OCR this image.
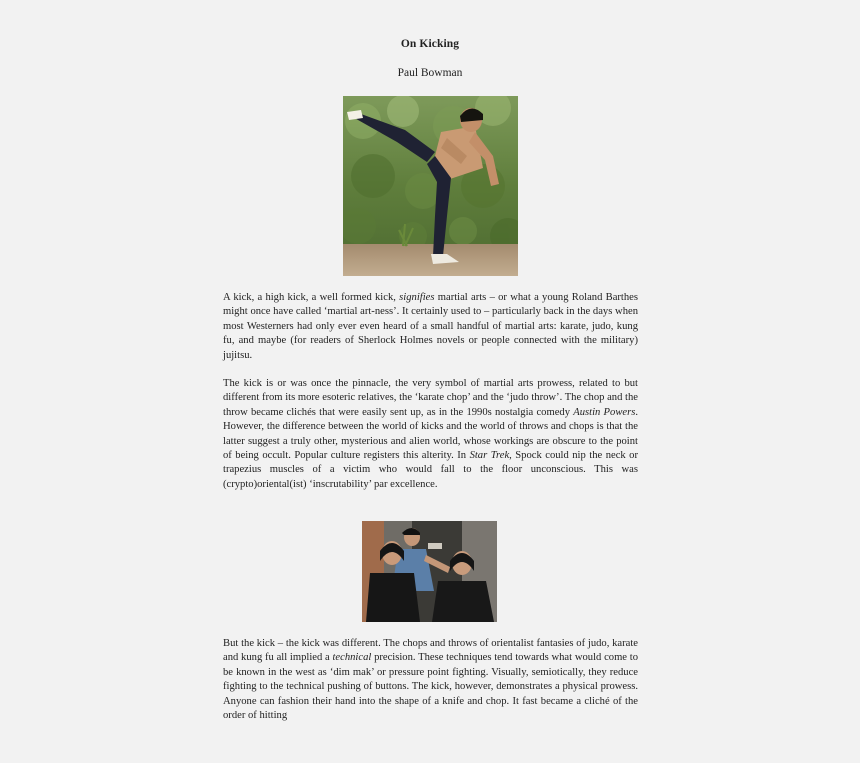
On Kicking
Paul Bowman

A kick, a high kick, a well formed kick, signifies martial arts – or what a young Roland Barthes might once have called ‘martial art-ness’. It certainly used to – particularly back in the days when most Westerners had only ever even heard of a small handful of martial arts: karate, judo, kung fu, and maybe (for readers of Sherlock Holmes novels or people connected with the military) jujitsu.

The kick is or was once the pinnacle, the very symbol of martial arts prowess, related to but different from its more esoteric relatives, the ‘karate chop’ and the ‘judo throw’. The chop and the throw became clichés that were easily sent up, as in the 1990s nostalgia comedy Austin Powers. However, the difference between the world of kicks and the world of throws and chops is that the latter suggest a truly other, mysterious and alien world, whose workings are obscure to the point of being occult. Popular culture registers this alterity. In Star Trek, Spock could nip the neck or trapezius muscles of a victim who would fall to the floor unconscious. This was (crypto)oriental(ist) ‘inscrutability’ par excellence.

But the kick – the kick was different. The chops and throws of orientalist fantasies of judo, karate and kung fu all implied a technical precision. These techniques tend towards what would come to be known in the west as ‘dim mak’ or pressure point fighting. Visually, semiotically, they reduce fighting to the technical pushing of buttons. The kick, however, demonstrates a physical prowess. Anyone can fashion their hand into the shape of a knife and chop. It fast became a cliché of the order of hitting
